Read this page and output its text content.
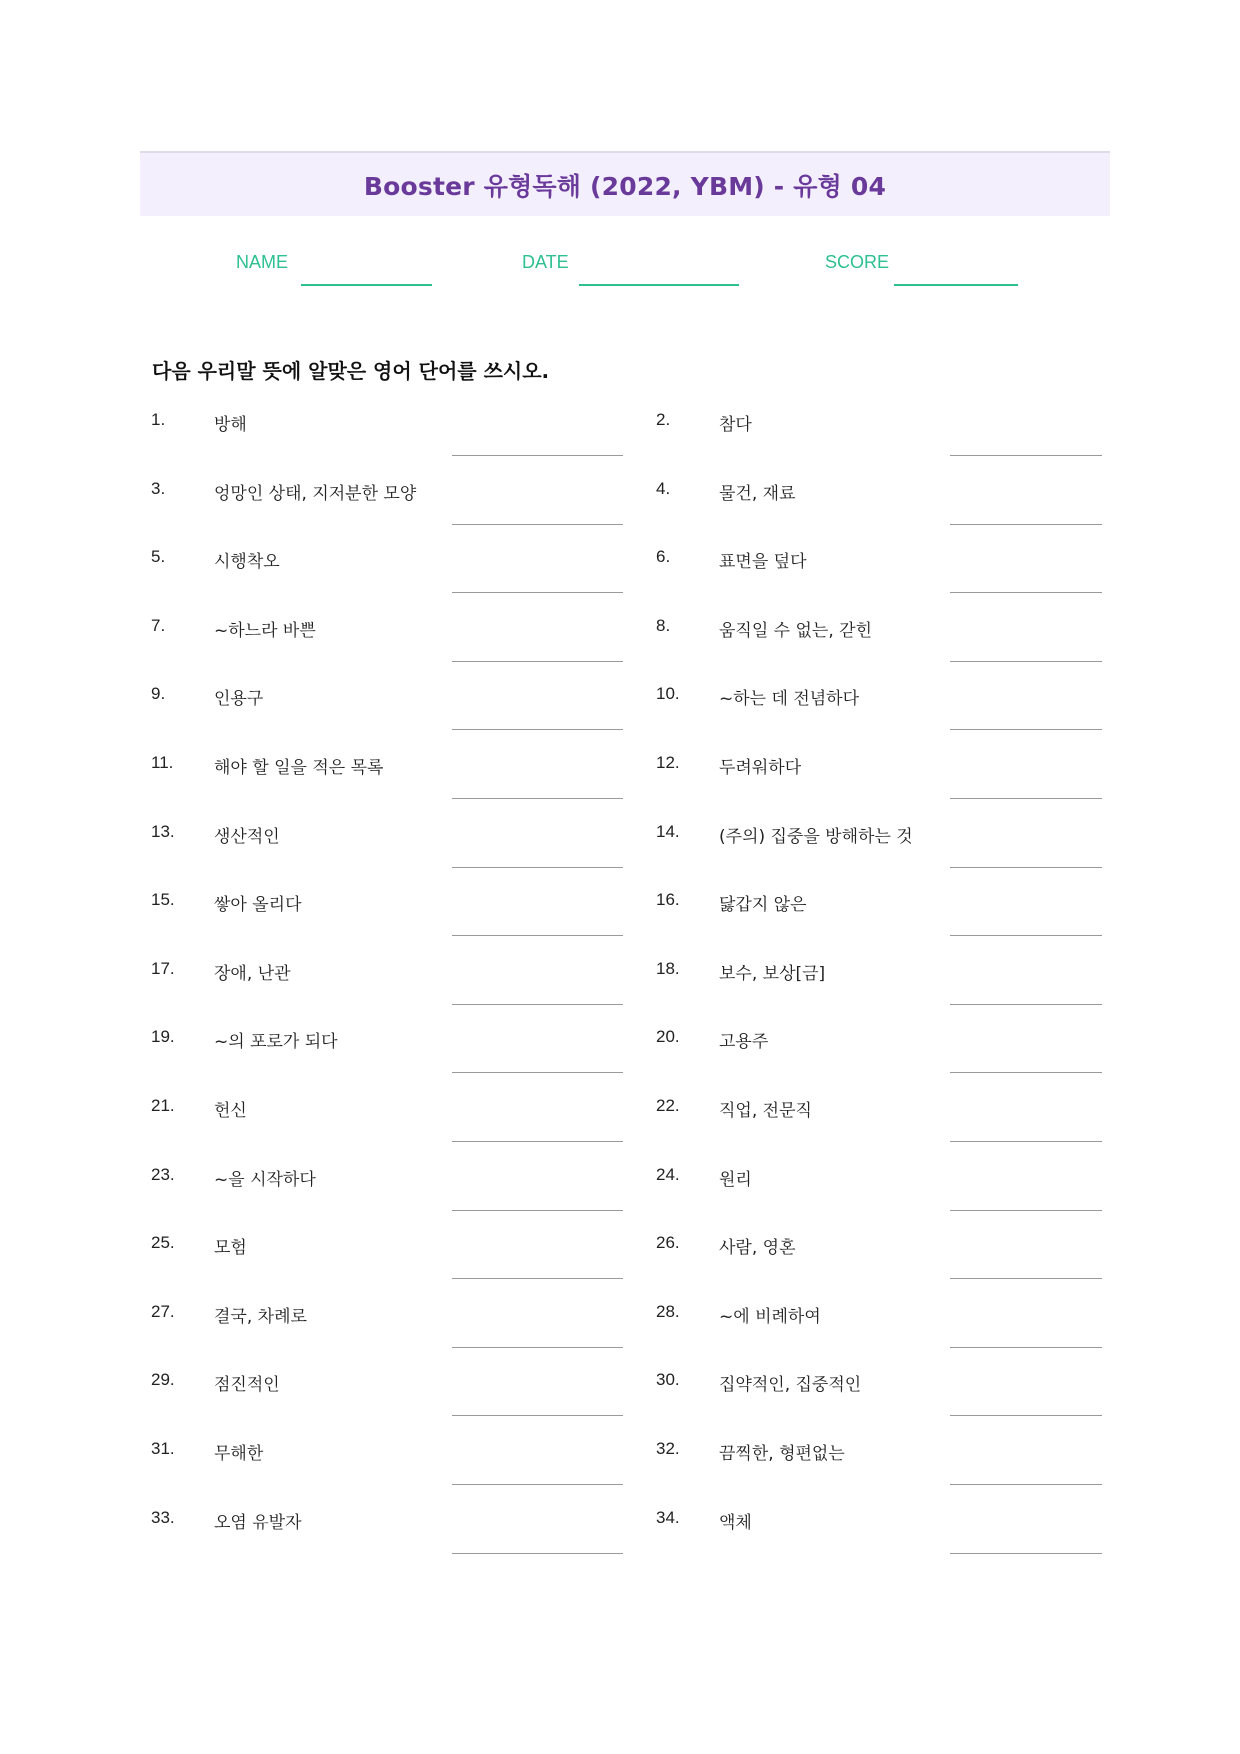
Booster 유형독해 (2022, YBM) - 유형 04
NAME	DATE	SCORE
다음 우리말 뜻에 알맞은 영어 단어를 쓰시오.
1.	방해	2.	참다
3.	엉망인 상태, 지저분한 모양	4.	물건, 재료
5.	시행착오	6.	표면을 덮다
7.	~하느라 바쁜	8.	움직일 수 없는, 갇힌
9.	인용구	10. ~하는 데 전념하다
11. 해야 할 일을 적은 목록	12. 두려워하다
13. 생산적인	14. (주의) 집중을 방해하는 것
15. 쌓아 올리다	16. 닳갑지 않은
17. 장애, 난관	18. 보수, 보상[금]
19. ~의 포로가 되다	20. 고용주
21. 헌신	22. 직업, 전문직
23. ~을 시작하다	24. 원리
25. 모험	26. 사람, 영혼
27. 결국, 차례로	28. ~에 비례하여
29. 점진적인	30. 집약적인, 집중적인
31. 무해한	32. 끔찍한, 형편없는
33. 오염 유발자	34. 액체
